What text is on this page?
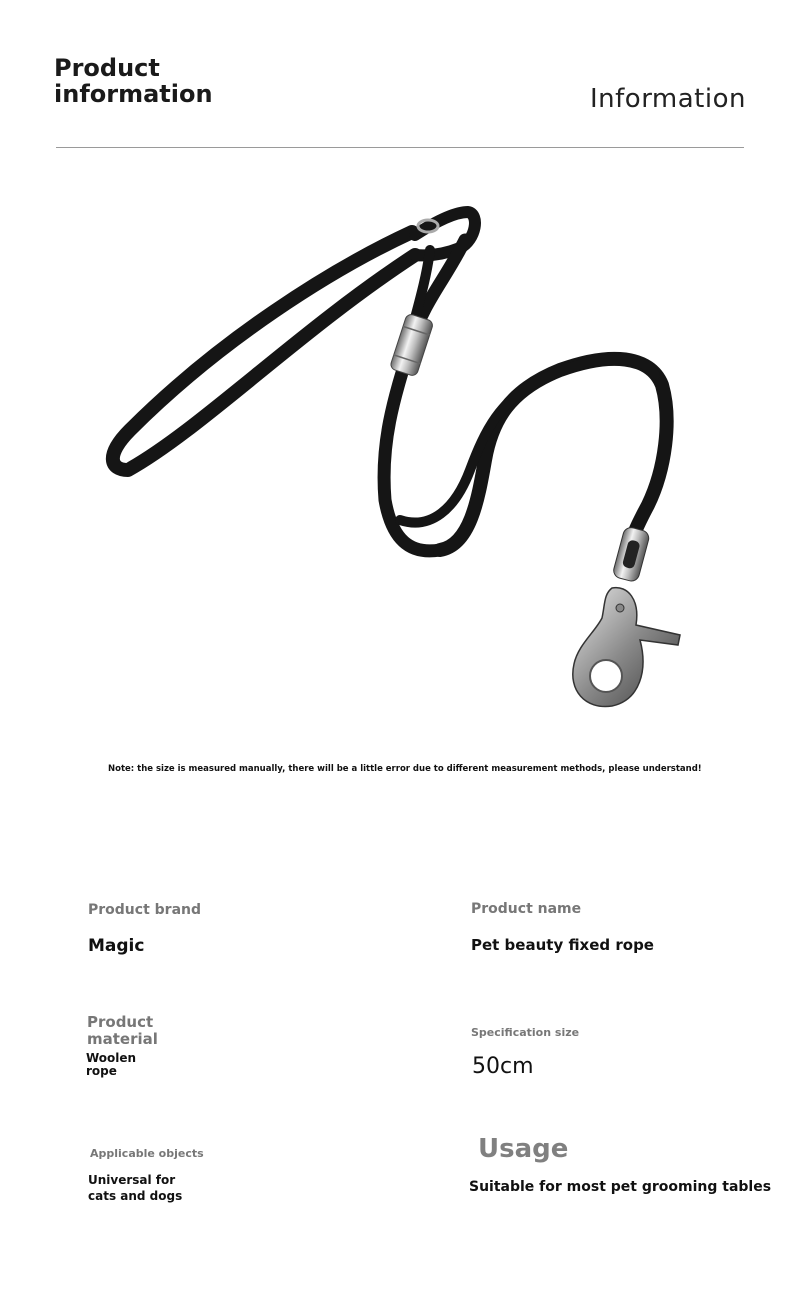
Product information	Information
Note: the size is measured manually, there will be a little error due to different measurement methods, please understand!
Product brand
Magic
Product name
Pet beauty fixed rope
Product material
Woolen rope
Specification size
50cm
Applicable objects
Universal for cats and dogs
Usage
Suitable for most pet grooming tables
